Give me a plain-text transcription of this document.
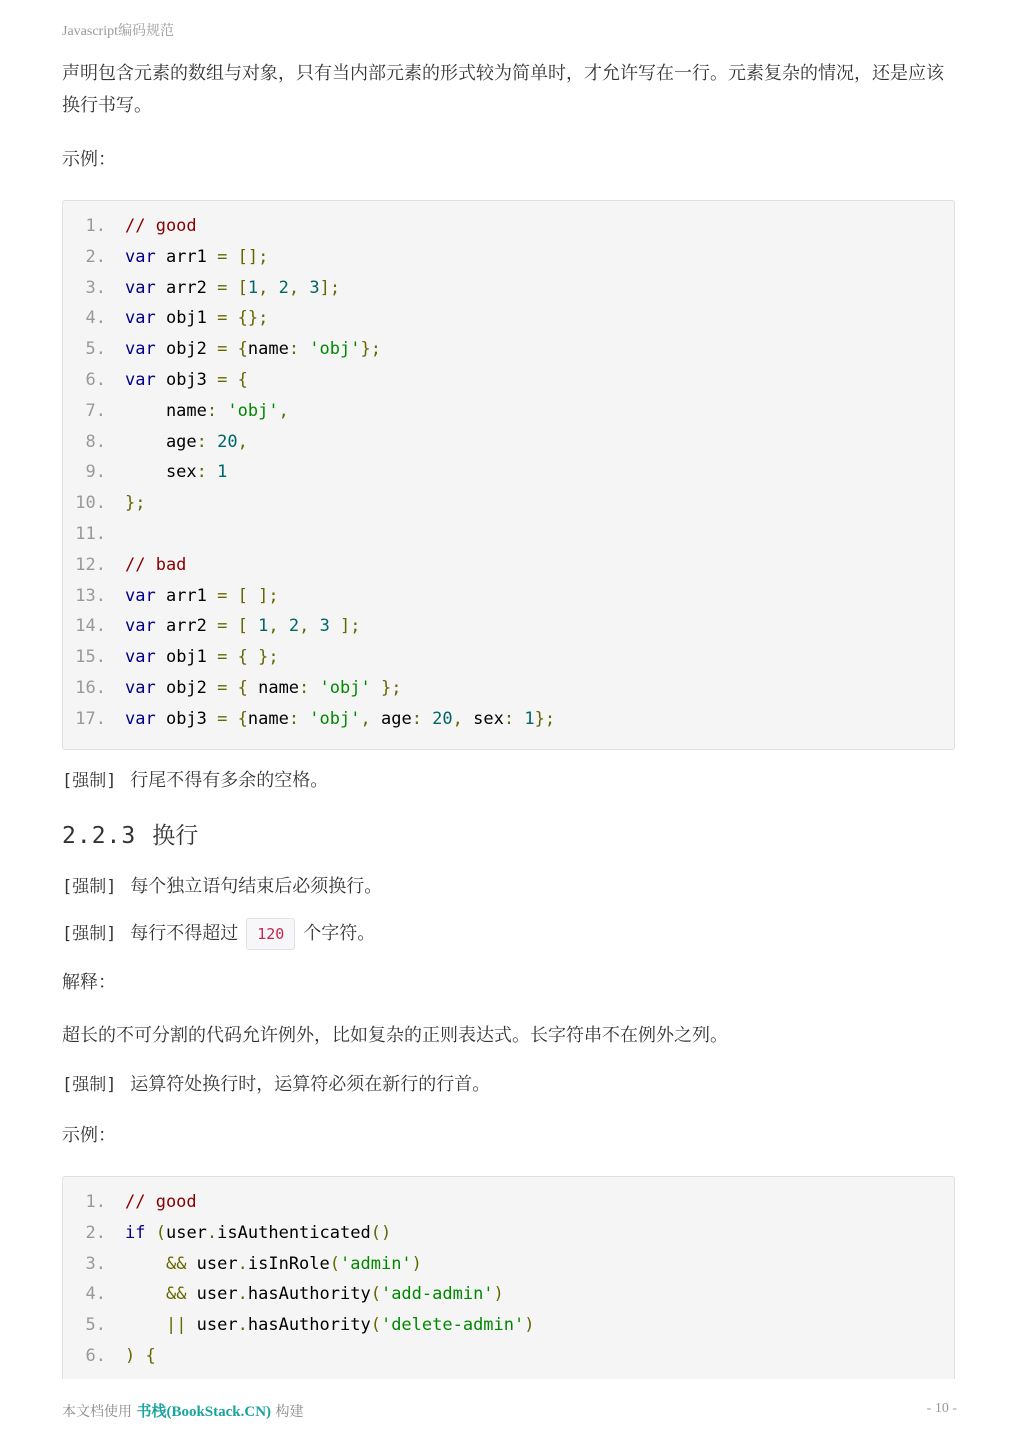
Javascript编码规范
声明包含元素的数组与对象，只有当内部元素的形式较为简单时，才允许写在一行。元素复杂的情况，还是应该换行书写。
示例：
1 .	// good
2 .	var arr1 = [];
3 .	var arr2 = [1, 2, 3];
4 .	var obj1 = {};
5 .	var obj2 = {name: 'obj'};
6 .	var obj3 = {
7 .	name: 'obj',
8 .	age: 20,
9 .	sex: 1
10 .	};
11 .
12 .	// bad
13 .	var arr1 = [ ];
14 .	var arr2 = [ 1, 2, 3 ];
15 .	var obj1 = { };
16 .	var obj2 = { name: 'obj' };
17 .	var obj3 = {name: 'obj', age: 20, sex: 1};
[强制] 行尾不得有多余的空格。
2.2.3 换行
[强制] 每个独立语句结束后必须换行。
[强制] 每行不得超过 120 个字符。
解释：
超长的不可分割的代码允许例外，比如复杂的正则表达式。长字符串不在例外之列。
[强制] 运算符处换行时，运算符必须在新行的行首。
示例：
1 .	// good
2 .	if (user.isAuthenticated()
3 .	&& user.isInRole('admin')
4 .	&& user.hasAuthority('add-admin')
5 .	|| user.hasAuthority('delete-admin')
6 .	) {
本文档使用 书栈(BookStack.CN) 构建	- 10 -
